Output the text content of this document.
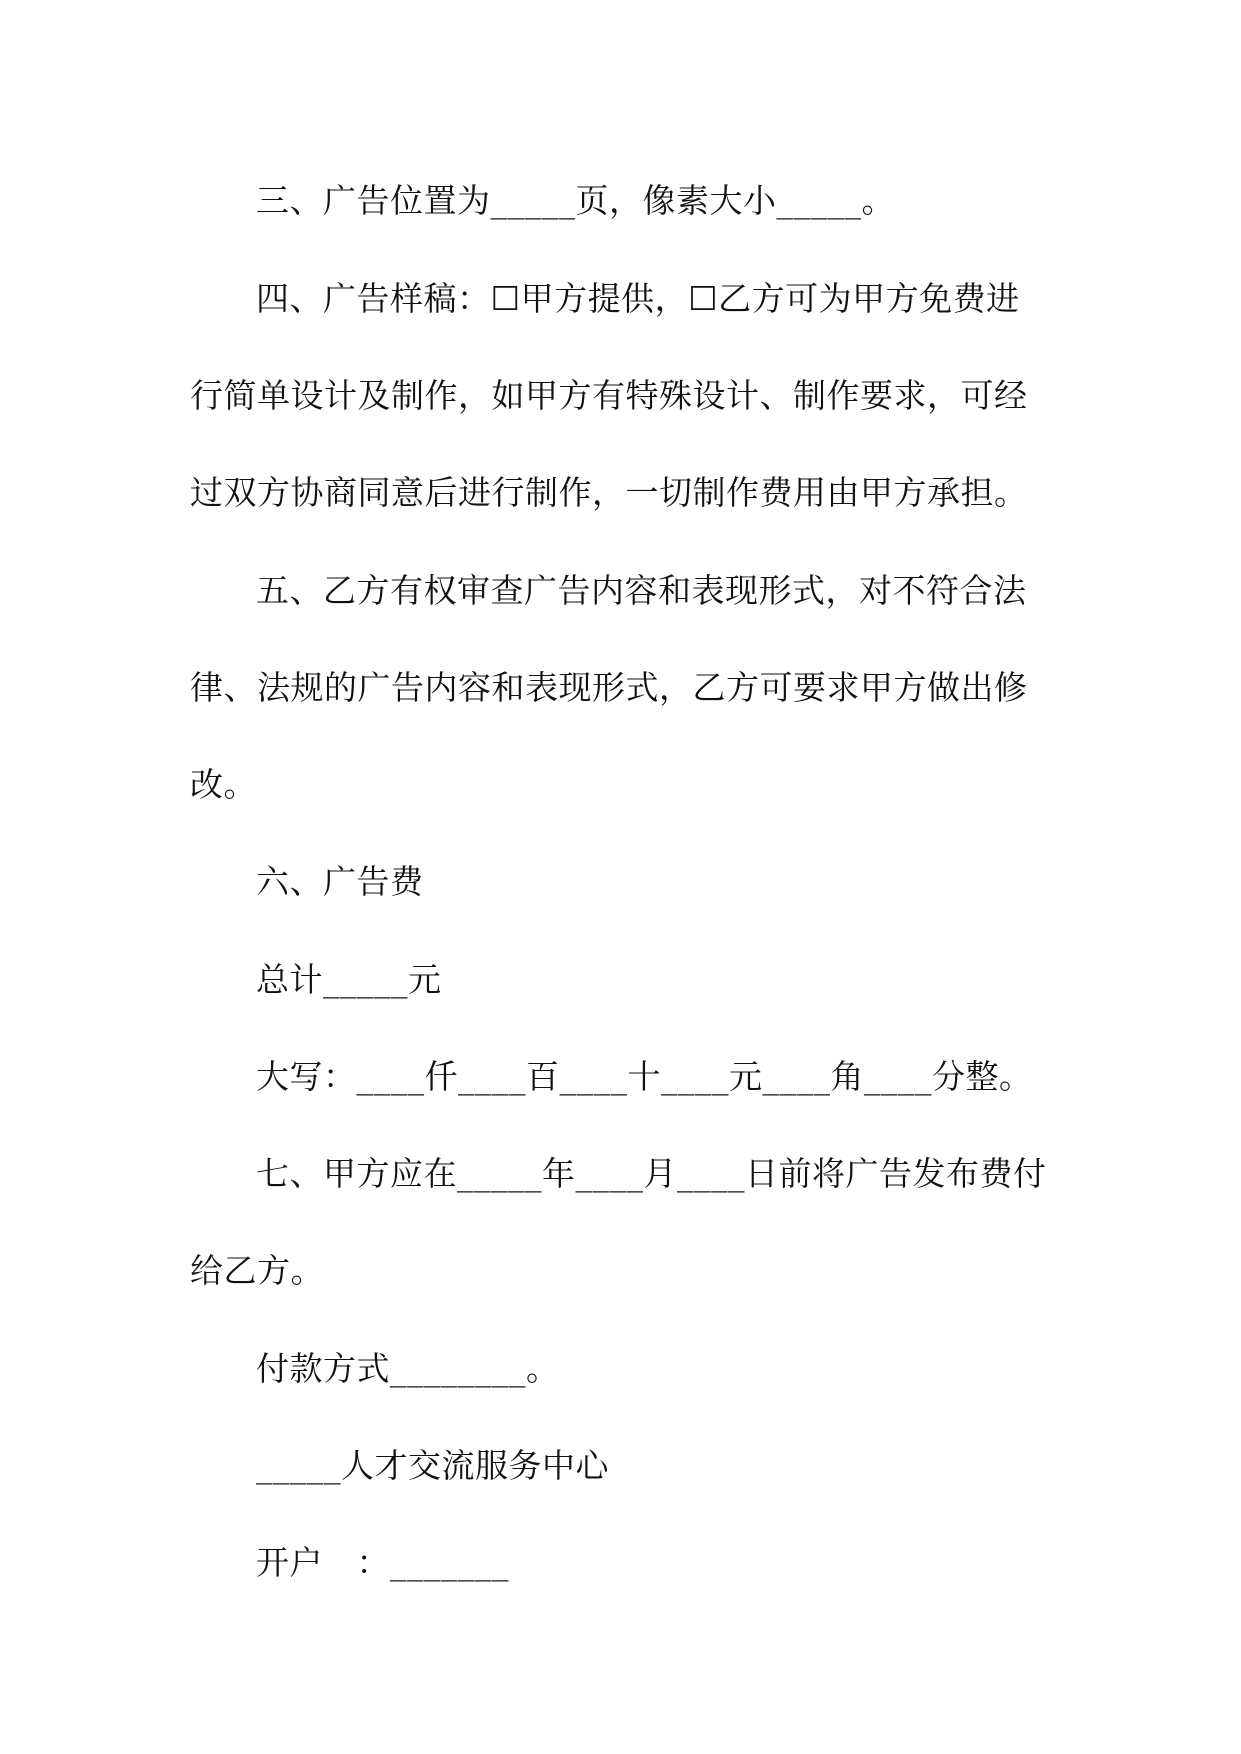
三、广告位置为_____页，像素大小_____。
四、广告样稿：☐甲方提供，☐乙方可为甲方免费进
行简单设计及制作，如甲方有特殊设计、制作要求，可经
过双方协商同意后进行制作，一切制作费用由甲方承担。
五、乙方有权审查广告内容和表现形式，对不符合法
律、法规的广告内容和表现形式，乙方可要求甲方做出修
改。
六、广告费
总计_____元
大写：____仟____百____十____元____角____分整。
七、甲方应在_____年____月____日前将广告发布费付
给乙方。
付款方式________。
_____人才交流服务中心
开户　：_______
